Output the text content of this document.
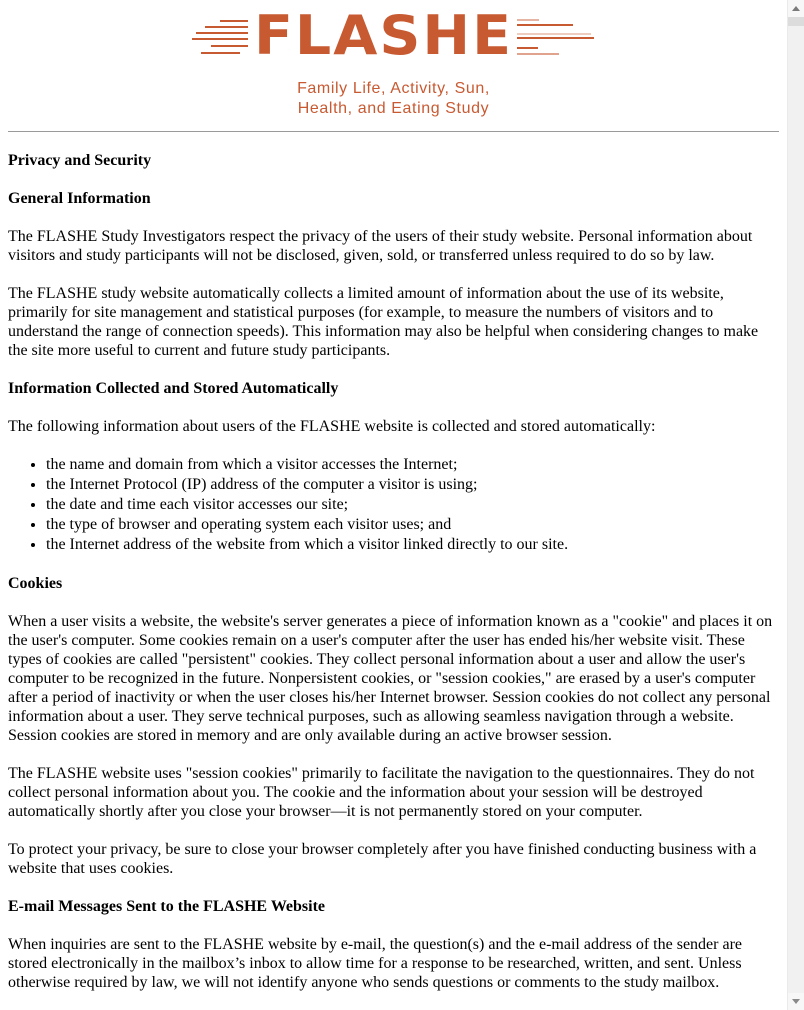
FLASHE
Family Life, Activity, Sun,
Health, and Eating Study

Privacy and Security

General Information

The FLASHE Study Investigators respect the privacy of the users of their study website. Personal information about visitors and study participants will not be disclosed, given, sold, or transferred unless required to do so by law.

The FLASHE study website automatically collects a limited amount of information about the use of its website, primarily for site management and statistical purposes (for example, to measure the numbers of visitors and to understand the range of connection speeds). This information may also be helpful when considering changes to make the site more useful to current and future study participants.

Information Collected and Stored Automatically

The following information about users of the FLASHE website is collected and stored automatically:

• the name and domain from which a visitor accesses the Internet;
• the Internet Protocol (IP) address of the computer a visitor is using;
• the date and time each visitor accesses our site;
• the type of browser and operating system each visitor uses; and
• the Internet address of the website from which a visitor linked directly to our site.

Cookies

When a user visits a website, the website's server generates a piece of information known as a "cookie" and places it on the user's computer. Some cookies remain on a user's computer after the user has ended his/her website visit. These types of cookies are called "persistent" cookies. They collect personal information about a user and allow the user's computer to be recognized in the future. Nonpersistent cookies, or "session cookies," are erased by a user's computer after a period of inactivity or when the user closes his/her Internet browser. Session cookies do not collect any personal information about a user. They serve technical purposes, such as allowing seamless navigation through a website. Session cookies are stored in memory and are only available during an active browser session.

The FLASHE website uses "session cookies" primarily to facilitate the navigation to the questionnaires. They do not collect personal information about you. The cookie and the information about your session will be destroyed automatically shortly after you close your browser—it is not permanently stored on your computer.

To protect your privacy, be sure to close your browser completely after you have finished conducting business with a website that uses cookies.

E-mail Messages Sent to the FLASHE Website

When inquiries are sent to the FLASHE website by e-mail, the question(s) and the e-mail address of the sender are stored electronically in the mailbox’s inbox to allow time for a response to be researched, written, and sent. Unless otherwise required by law, we will not identify anyone who sends questions or comments to the study mailbox.
